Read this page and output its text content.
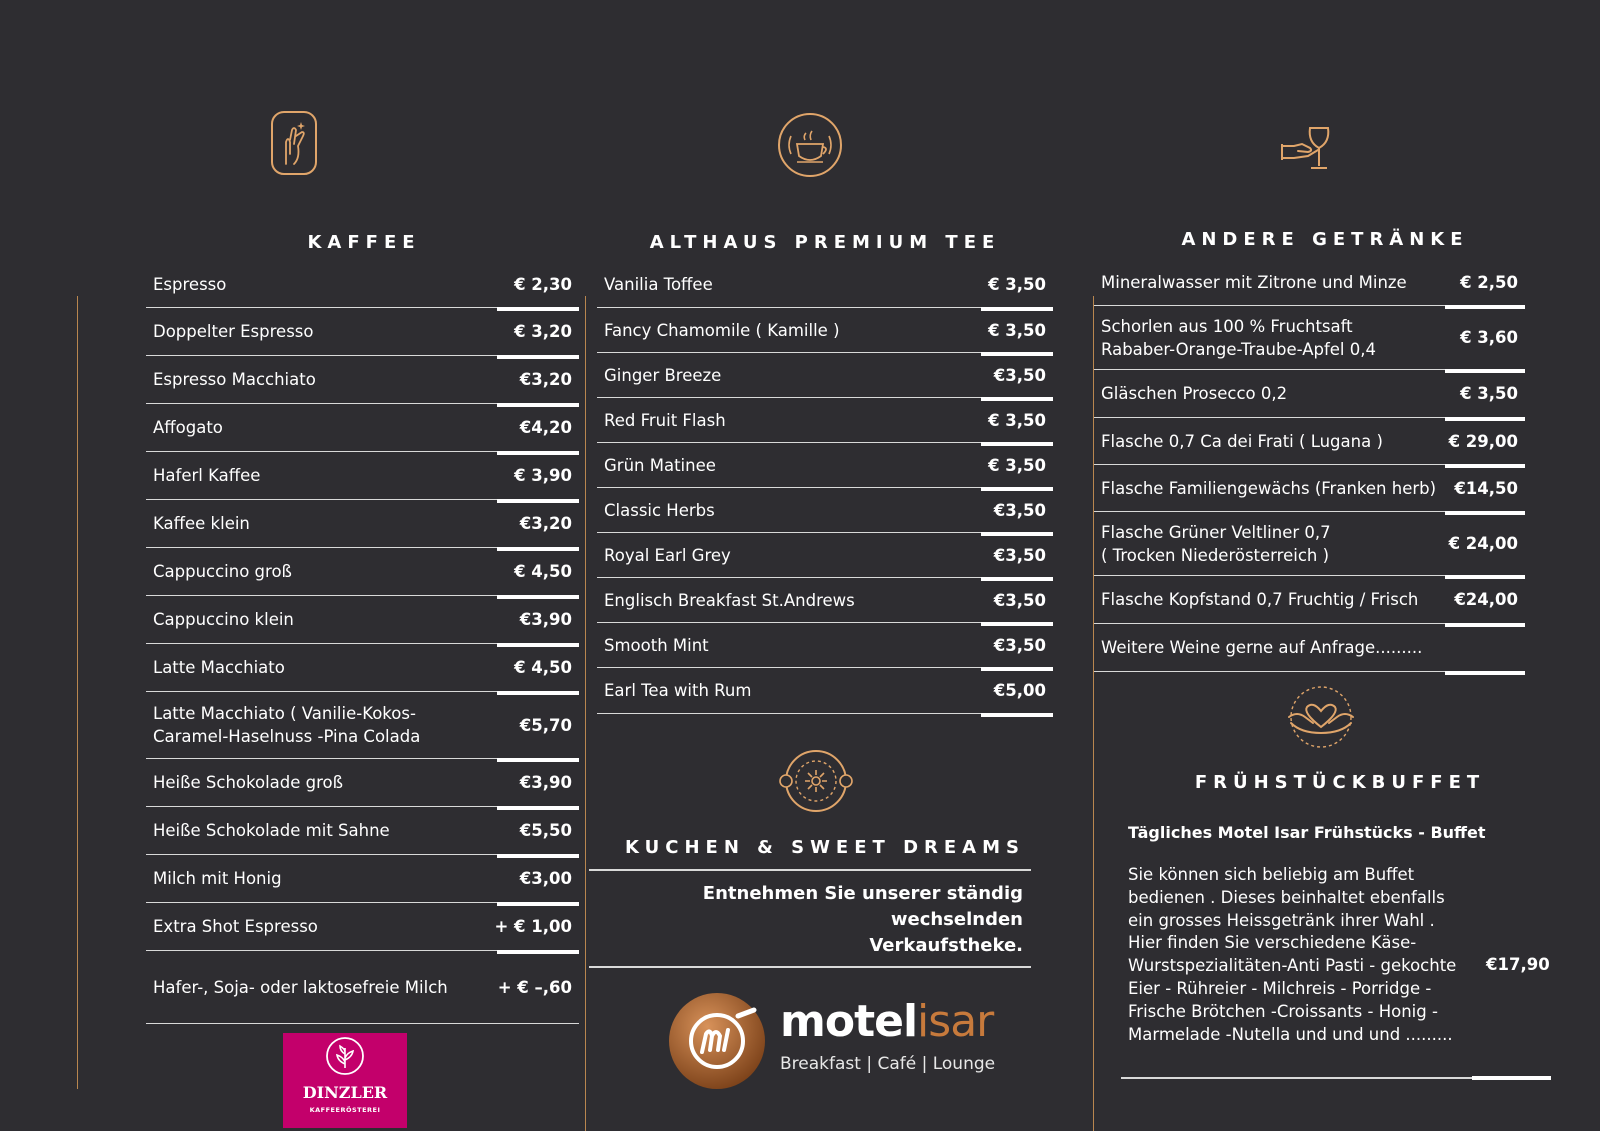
KAFFEE	ALTHAUS PREMIUM TEE	ANDERE GETRÄNKE
KUCHEN & SWEET DREAMS
FRÜHSTÜCKBUFFET
Espresso	€ 2,30
Doppelter Espresso	€ 3,20
Espresso Macchiato	€3,20
Affogato	€4,20
Haferl Kaffee	€ 3,90
Kaffee klein	€3,20
Cappuccino groß	€ 4,50
Cappuccino klein	€3,90
Latte Macchiato	€ 4,50
Latte Macchiato ( Vanilie-Kokos-
Caramel-Haselnuss -Pina Colada
€5,70
Heiße Schokolade groß	€3,90
Heiße Schokolade mit Sahne	€5,50
Milch mit Honig	€3,00
Extra Shot Espresso	+ € 1,00
Hafer-, Soja- oder laktosefreie Milch	+ € –,60
Vanilia Toffee	€ 3,50
Fancy Chamomile ( Kamille )	€ 3,50
Ginger Breeze	€3,50
Red Fruit Flash	€ 3,50
Grün Matinee	€ 3,50
Classic Herbs	€3,50
Royal Earl Grey	€3,50
Englisch Breakfast St.Andrews	€3,50
Smooth Mint	€3,50
Earl Tea with Rum	€5,00
Mineralwasser mit Zitrone und Minze	€ 2,50
Schorlen aus 100 % Fruchtsaft
Rababer-Orange-Traube-Apfel 0,4
€ 3,60
Gläschen Prosecco 0,2	€ 3,50
Flasche 0,7 Ca dei Frati ( Lugana )	€ 29,00
Flasche Familiengewächs (Franken herb) €14,50
Flasche Grüner Veltliner 0,7
( Trocken Niederösterreich )
€ 24,00
Flasche Kopfstand 0,7 Fruchtig / Frisch €24,00
Weitere Weine gerne auf Anfrage.........
Entnehmen Sie unserer ständig wechselnden
Verkaufstheke.
motelisar
Breakfast | Café | Lounge
DINZLER
KAFFEERÖSTEREI
Tägliches Motel Isar Frühstücks - Buffet
Sie können sich beliebig am Buffet
bedienen . Dieses beinhaltet ebenfalls
ein grosses Heissgetränk ihrer Wahl .
Hier finden Sie verschiedene Käse-
Wurstspezialitäten-Anti Pasti - gekochte
Eier - Rühreier - Milchreis - Porridge -
Frische Brötchen -Croissants - Honig -
Marmelade -Nutella und und und .........
€17,90
